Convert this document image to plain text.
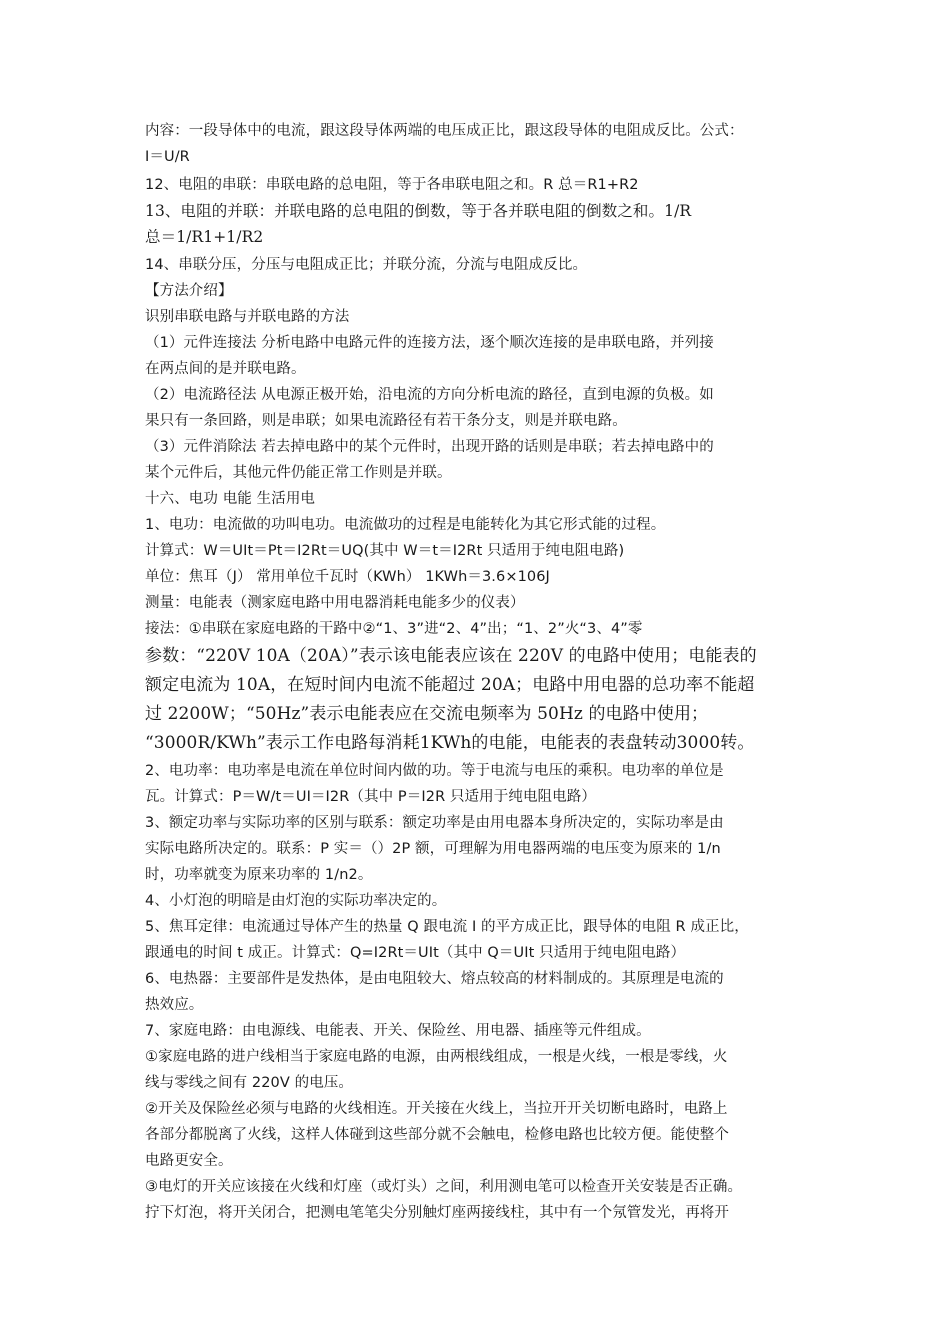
内容：一段导体中的电流，跟这段导体两端的电压成正比，跟这段导体的电阻成反比。公式：
I＝U/R
12、电阻的串联：串联电路的总电阻，等于各串联电阻之和。R 总＝R1+R2
13、电阻的并联：并联电路的总电阻的倒数，等于各并联电阻的倒数之和。1/R
总＝1/R1+1/R2
14、串联分压，分压与电阻成正比；并联分流，分流与电阻成反比。
【方法介绍】
识别串联电路与并联电路的方法
（1）元件连接法 分析电路中电路元件的连接方法，逐个顺次连接的是串联电路，并列接
在两点间的是并联电路。
（2）电流路径法 从电源正极开始，沿电流的方向分析电流的路径，直到电源的负极。如
果只有一条回路，则是串联；如果电流路径有若干条分支，则是并联电路。
（3）元件消除法 若去掉电路中的某个元件时，出现开路的话则是串联；若去掉电路中的
某个元件后，其他元件仍能正常工作则是并联。
十六、电功 电能 生活用电
1、电功：电流做的功叫电功。电流做功的过程是电能转化为其它形式能的过程。
计算式：W＝UIt＝Pt＝I2Rt＝UQ(其中 W＝t＝I2Rt 只适用于纯电阻电路)
单位：焦耳（J） 常用单位千瓦时（KWh） 1KWh＝3.6×106J
测量：电能表（测家庭电路中用电器消耗电能多少的仪表）
接法：①串联在家庭电路的干路中②“1、3”进“2、4”出；“1、2”火“3、4”零
参数：“220V 10A（20A）”表示该电能表应该在 220V 的电路中使用；电能表的
额定电流为 10A，在短时间内电流不能超过 20A；电路中用电器的总功率不能超
过 2200W；“50Hz”表示电能表应在交流电频率为 50Hz 的电路中使用；
“3000R/KWh”表示工作电路每消耗1KWh的电能，电能表的表盘转动3000转。
2、电功率：电功率是电流在单位时间内做的功。等于电流与电压的乘积。电功率的单位是
瓦。计算式：P＝W/t＝UI＝I2R（其中 P＝I2R 只适用于纯电阻电路）
3、额定功率与实际功率的区别与联系：额定功率是由用电器本身所决定的，实际功率是由
实际电路所决定的。联系：P 实＝（）2P 额，可理解为用电器两端的电压变为原来的 1/n
时，功率就变为原来功率的 1/n2。
4、小灯泡的明暗是由灯泡的实际功率决定的。
5、焦耳定律：电流通过导体产生的热量 Q 跟电流 I 的平方成正比，跟导体的电阻 R 成正比，
跟通电的时间 t 成正。计算式：Q=I2Rt＝UIt（其中 Q＝UIt 只适用于纯电阻电路）
6、电热器：主要部件是发热体，是由电阻较大、熔点较高的材料制成的。其原理是电流的
热效应。
7、家庭电路：由电源线、电能表、开关、保险丝、用电器、插座等元件组成。
①家庭电路的进户线相当于家庭电路的电源，由两根线组成，一根是火线，一根是零线，火
线与零线之间有 220V 的电压。
②开关及保险丝必须与电路的火线相连。开关接在火线上，当拉开开关切断电路时，电路上
各部分都脱离了火线，这样人体碰到这些部分就不会触电，检修电路也比较方便。能使整个
电路更安全。
③电灯的开关应该接在火线和灯座（或灯头）之间，利用测电笔可以检查开关安装是否正确。
拧下灯泡，将开关闭合，把测电笔笔尖分别触灯座两接线柱，其中有一个氖管发光，再将开
